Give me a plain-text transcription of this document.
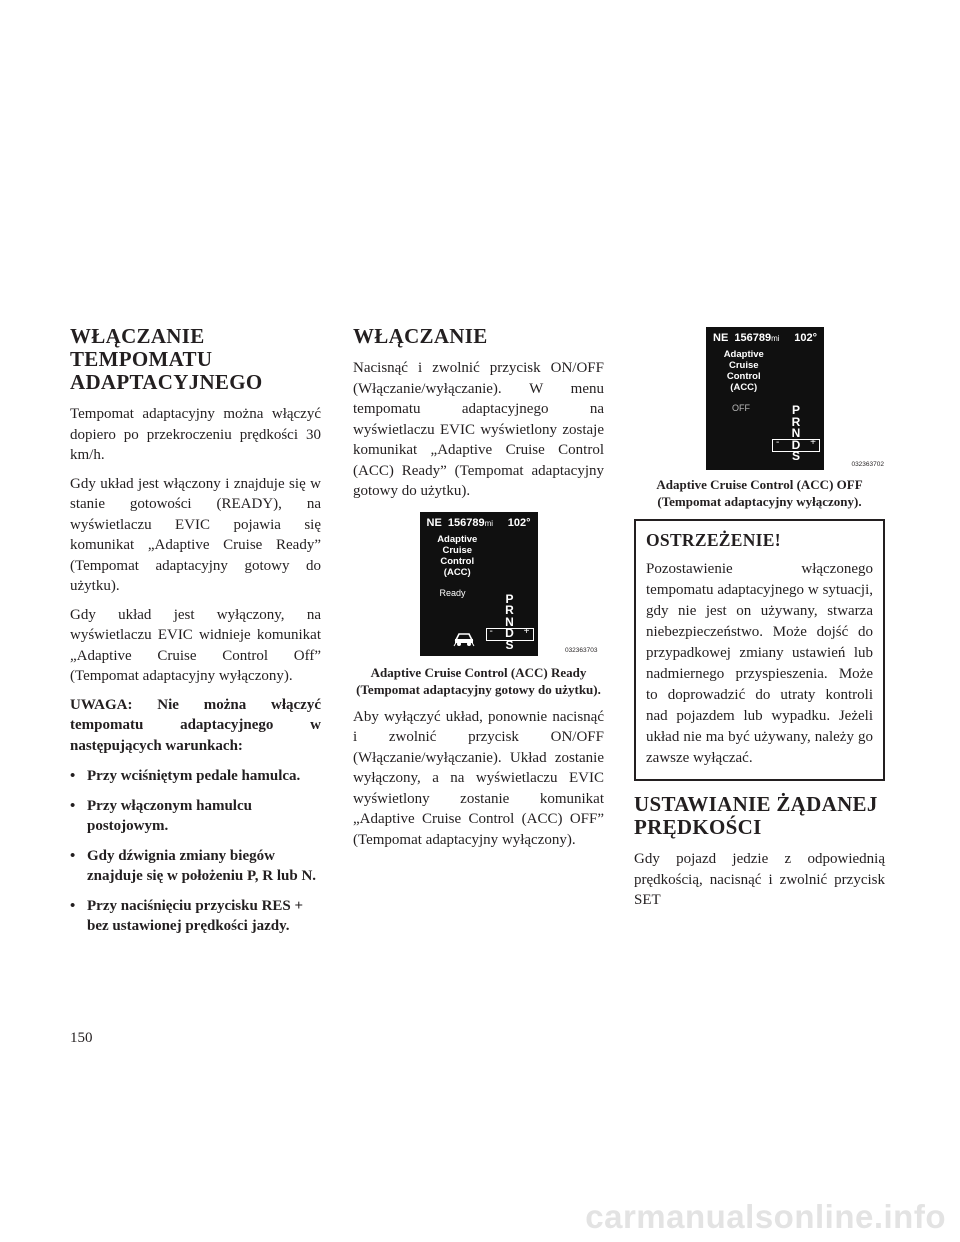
WŁĄCZANIE TEMPOMATU ADAPTACYJNEGO

Tempomat adaptacyjny można włączyć dopiero po przekroczeniu prędkości 30 km/h.

Gdy układ jest włączony i znajduje się w stanie gotowości (READY), na wyświetlaczu EVIC pojawia się komunikat „Adaptive Cruise Ready” (Tempomat adaptacyjny gotowy do użytku).

Gdy układ jest wyłączony, na wyświetlaczu EVIC widnieje komunikat „Adaptive Cruise Control Off” (Tempomat adaptacyjny wyłączony).

UWAGA: Nie można włączyć tempomatu adaptacyjnego w następujących warunkach:

• Przy wciśniętym pedale hamulca.
• Przy włączonym hamulcu postojowym.
• Gdy dźwignia zmiany biegów znajduje się w położeniu P, R lub N.
• Przy naciśnięciu przycisku RES + bez ustawionej prędkości jazdy.
WŁĄCZANIE

Nacisnąć i zwolnić przycisk ON/OFF (Włączanie/wyłączanie). W menu tempomatu adaptacyjnego na wyświetlaczu EVIC wyświetlony zostaje komunikat „Adaptive Cruise Control (ACC) Ready” (Tempomat adaptacyjny gotowy do użytku).

NE 156789mi 102°
Adaptive
Cruise
Control
(ACC)
Ready	P
R
N
D
S
-	+
032363703
Adaptive Cruise Control (ACC) Ready (Tempomat adaptacyjny gotowy do użytku).

Aby wyłączyć układ, ponownie nacisnąć i zwolnić przycisk ON/OFF (Włączanie/wyłączanie). Układ zostanie wyłączony, a na wyświetlaczu EVIC wyświetlony zostanie komunikat „Adaptive Cruise Control (ACC) OFF” (Tempomat adaptacyjny wyłączony).

NE 156789mi 102°
Adaptive
Cruise
Control
(ACC)
OFF	P
R
N
D
S
-	+
032363702
Adaptive Cruise Control (ACC) OFF (Tempomat adaptacyjny wyłączony).
OSTRZEŻENIE!

Pozostawienie włączonego tempomatu adaptacyjnego w sytuacji, gdy nie jest on używany, stwarza niebezpieczeństwo. Może dojść do przypadkowej zmiany ustawień lub nadmiernego przyspieszenia. Może to doprowadzić do utraty kontroli nad pojazdem lub wypadku. Jeżeli układ nie ma być używany, należy go zawsze wyłączać.

USTAWIANIE ŻĄDANEJ PRĘDKOŚCI

Gdy pojazd jedzie z odpowiednią prędkością, nacisnąć i zwolnić przycisk SET

150
carmanualsonline.info
